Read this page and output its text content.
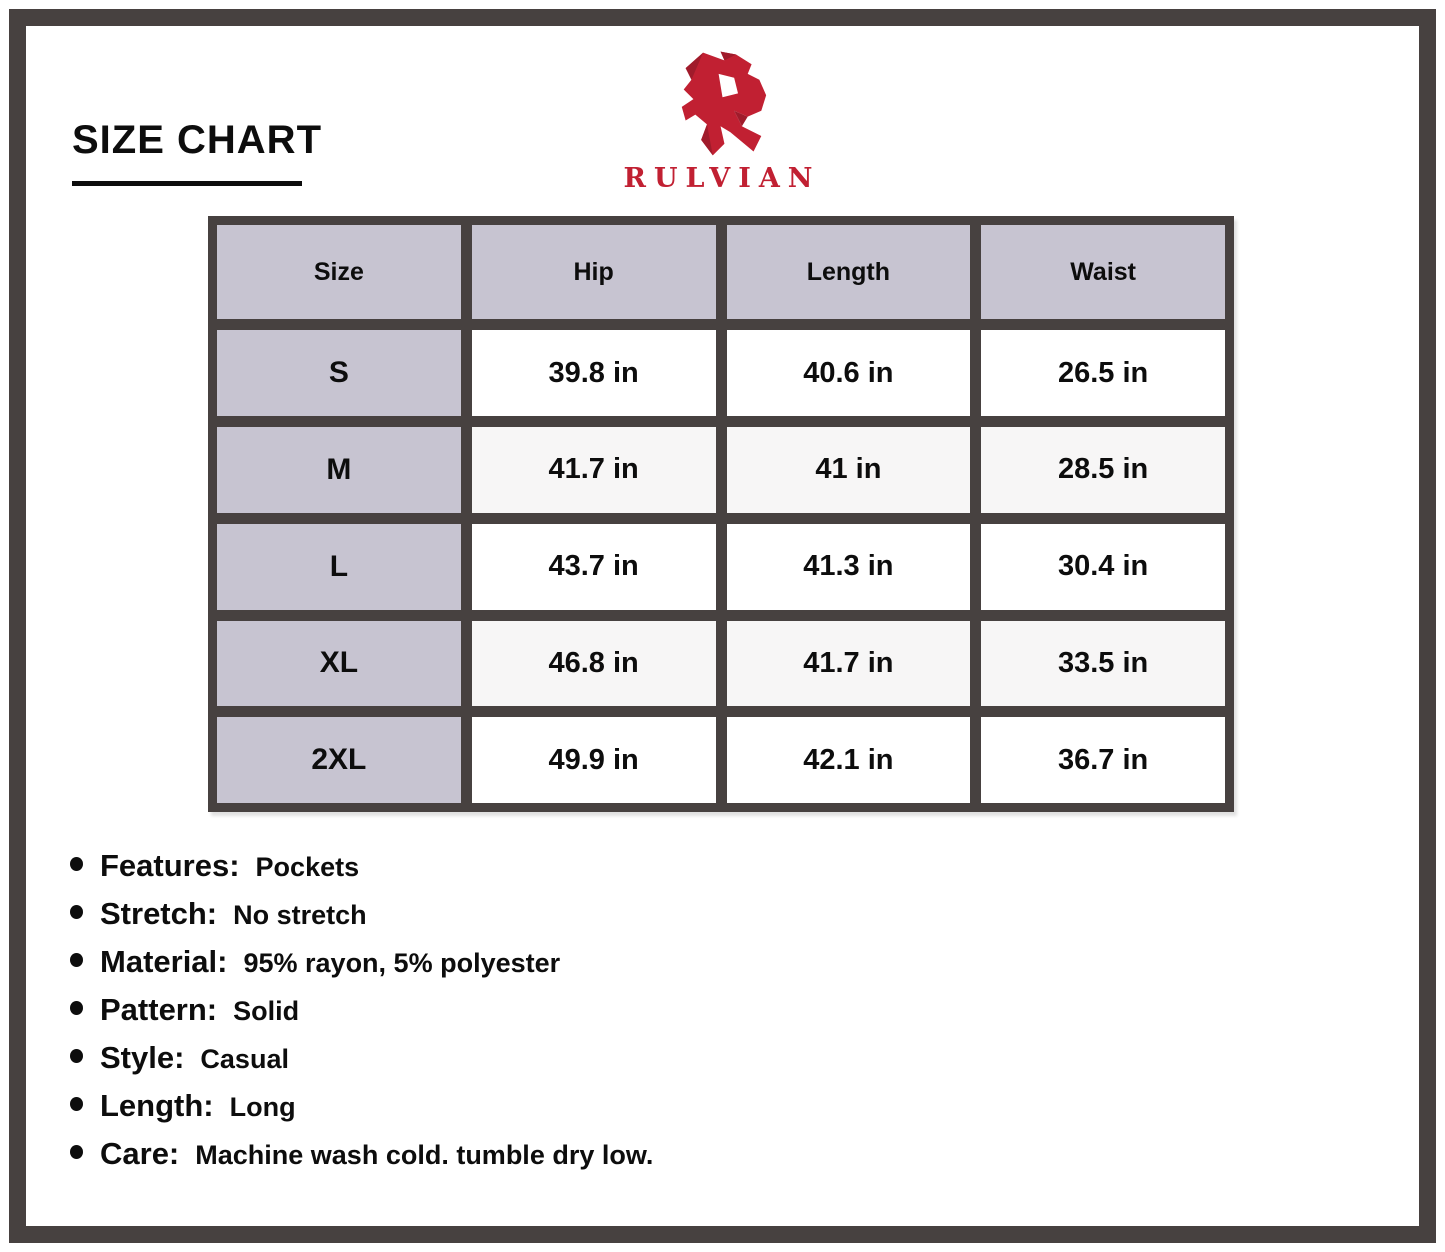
SIZE CHART
RULVIAN
Size	Hip	Length	Waist
S	39.8 in	40.6 in	26.5 in
M	41.7 in	41 in	28.5 in
L	43.7 in	41.3 in	30.4 in
XL	46.8 in	41.7 in	33.5 in
2XL	49.9 in	42.1 in	36.7 in
Features: Pockets
Stretch: No stretch
Material: 95% rayon, 5% polyester
Pattern: Solid
Style: Casual
Length: Long
Care: Machine wash cold. tumble dry low.
